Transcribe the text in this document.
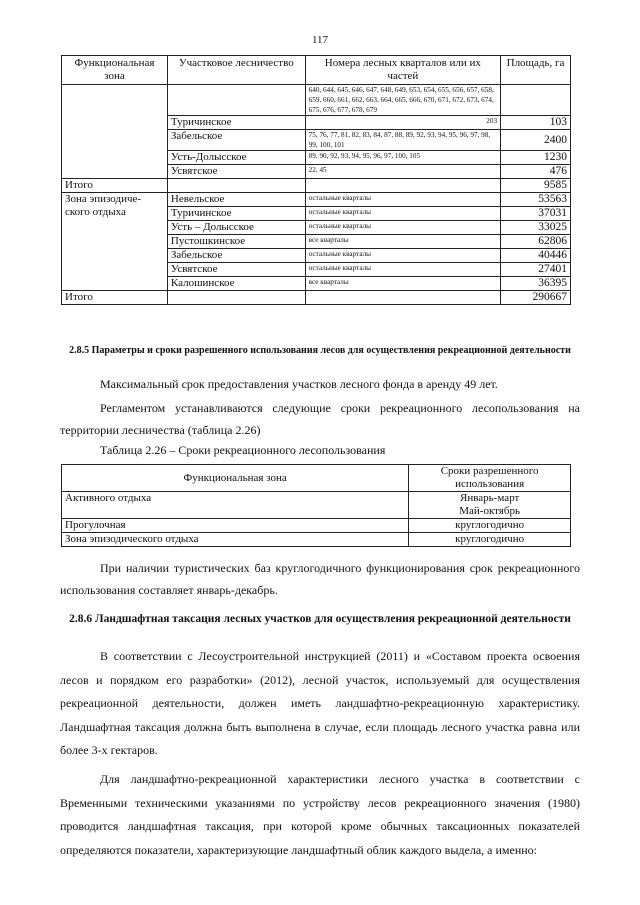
117
Функциональная зона	Участковое лесничество	Номера лесных кварталов или их частей	Площадь, га
		640, 644, 645, 646, 647, 648, 649, 653, 654, 655, 656, 657, 658, 659, 660, 661, 662, 663, 664, 665, 666, 670, 671, 672, 673, 674, 675, 676, 677, 678, 679	
	Туричинское	203	103
	Забельское	75, 76, 77, 81, 82, 83, 84, 87, 88, 89, 92, 93, 94, 95, 96, 97, 98, 99, 100, 101	2400
	Усть-Долысское	89, 90, 92, 93, 94, 95, 96, 97, 100, 105	1230
	Усвятское	22, 45	476
Итого			9585
Зона эпизодиче-ского отдыха	Невельское	остальные кварталы	53563
	Туричинское	остальные кварталы	37031
	Усть – Долысское	остальные кварталы	33025
	Пустошкинское	все кварталы	62806
	Забельское	остальные кварталы	40446
	Усвятское	остальные кварталы	27401
	Калошинское	все кварталы	36395
Итого			290667
2.8.5 Параметры и сроки разрешенного использования лесов для осуществления рекреационной деятельности

Максимальный срок предоставления участков лесного фонда в аренду 49 лет.

Регламентом устанавливаются следующие сроки рекреационного лесопользования на территории лесничества (таблица 2.26)

Таблица 2.26 – Сроки рекреационного лесопользования

Функциональная зона	Сроки разрешенного использования
Активного отдыха	Январь-март
Май-октябрь

Прогулочная	круглогодично
Зона эпизодического отдыха	круглогодично

При наличии туристических баз круглогодичного функционирования срок рекреационного использования составляет январь-декабрь.

2.8.6 Ландшафтная таксация лесных участков для осуществления рекреационной деятельности

В соответствии с Лесоустроительной инструкцией (2011) и «Составом проекта освоения лесов и порядком его разработки» (2012), лесной участок, используемый для осуществления рекреационной деятельности, должен иметь ландшафтно-рекреационную характеристику. Ландшафтная таксация должна быть выполнена в случае, если площадь лесного участка равна или более 3-х гектаров.

Для ландшафтно-рекреационной характеристики лесного участка в соответствии с Временными техническими указаниями по устройству лесов рекреационного значения (1980) проводится ландшафтная таксация, при которой кроме обычных таксационных показателей определяются показатели, характеризующие ландшафтный облик каждого выдела, а именно:
